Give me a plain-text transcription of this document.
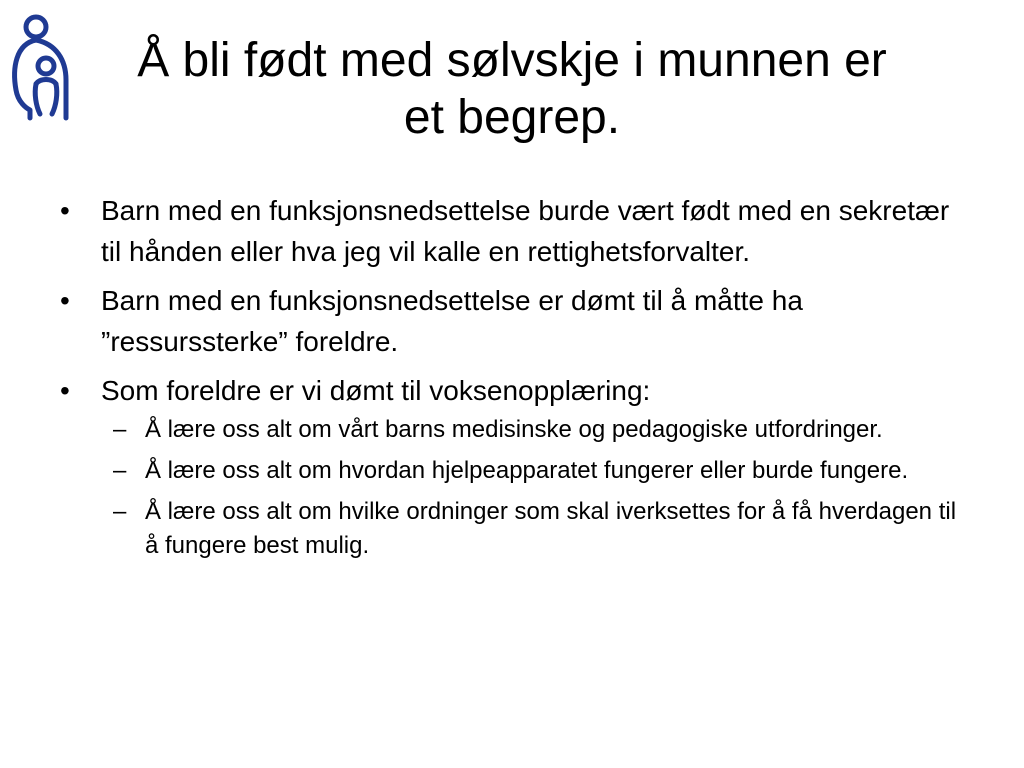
Å bli født med sølvskje i munnen er
et begrep.
• Barn med en funksjonsnedsettelse burde vært født med en sekretær til hånden eller hva jeg vil kalle en rettighetsforvalter.
• Barn med en funksjonsnedsettelse er dømt til å måtte ha ”ressurssterke” foreldre.
• Som foreldre er vi dømt til voksenopplæring:
– Å lære oss alt om vårt barns medisinske og pedagogiske utfordringer.
– Å lære oss alt om hvordan hjelpeapparatet fungerer eller burde fungere.
– Å lære oss alt om hvilke ordninger som skal iverksettes for å få hverdagen til å fungere best mulig.
